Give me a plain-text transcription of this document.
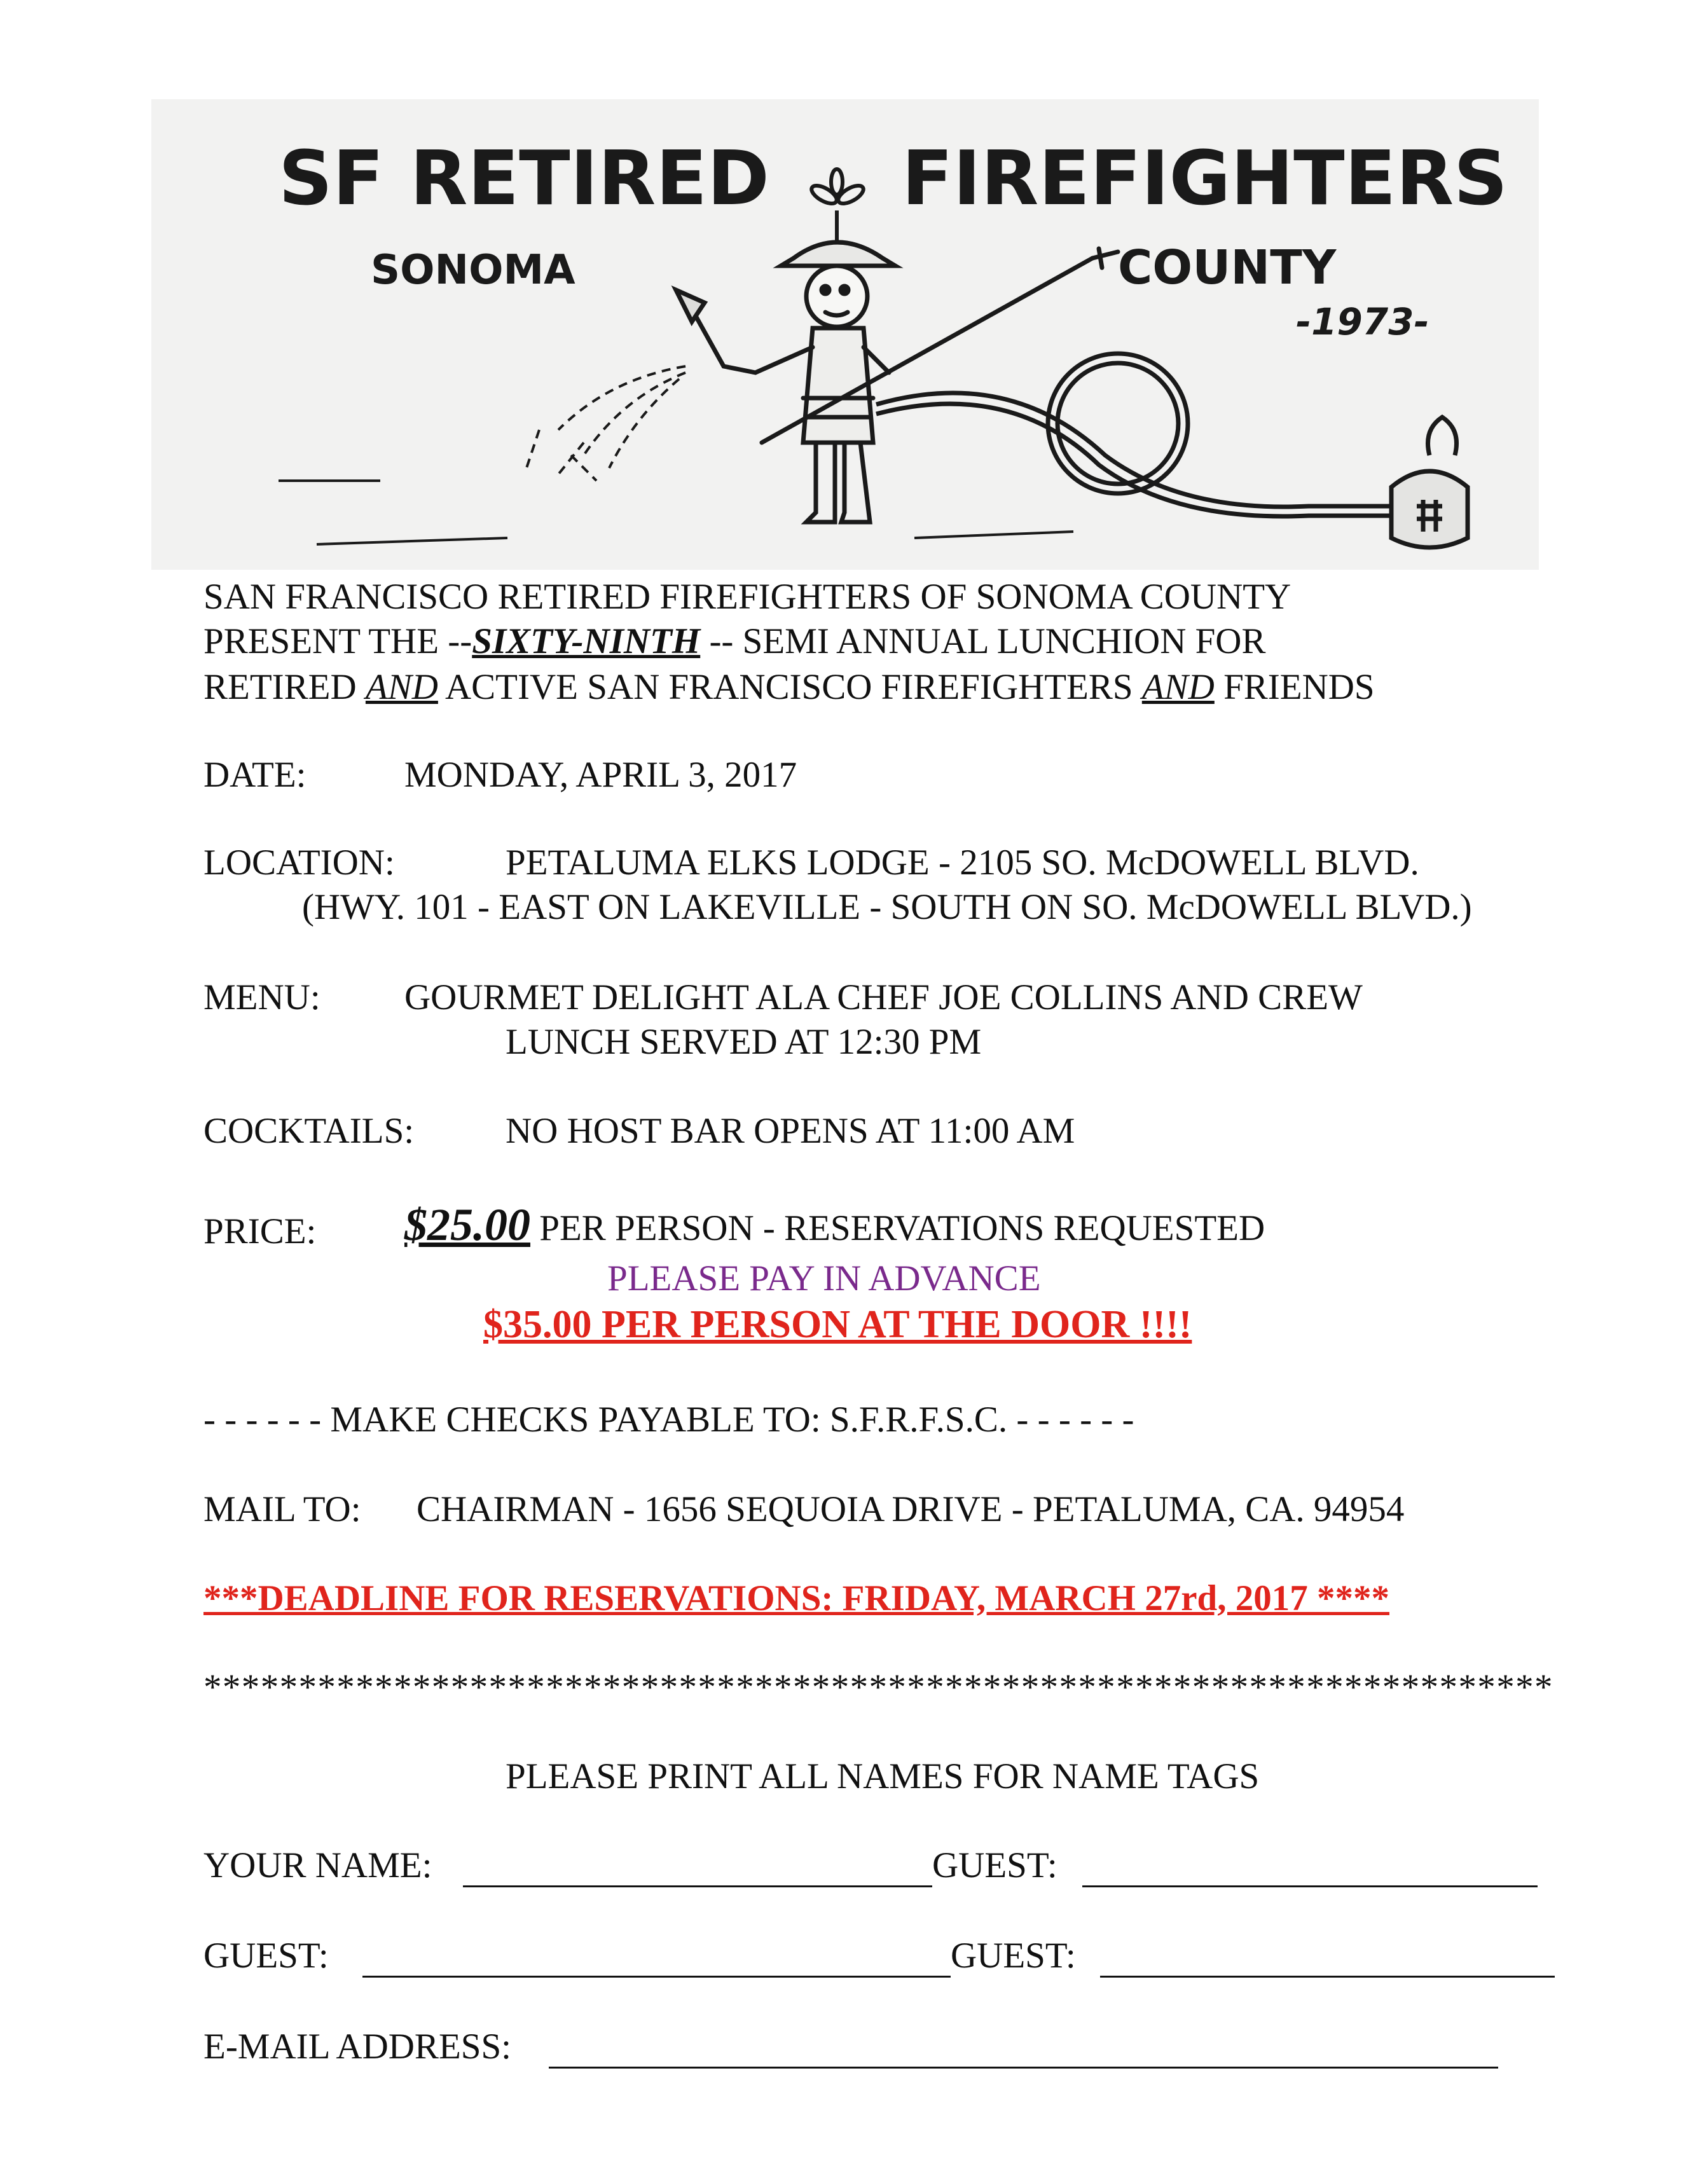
SF RETIRED FIREFIGHTERS
SONOMA	COUNTY
-1973-
SAN FRANCISCO RETIRED FIREFIGHTERS OF SONOMA COUNTY
PRESENT THE --SIXTY-NINTH -- SEMI ANNUAL LUNCHION FOR
RETIRED AND ACTIVE SAN FRANCISCO FIREFIGHTERS AND FRIENDS
DATE:	MONDAY, APRIL 3, 2017
LOCATION:	PETALUMA ELKS LODGE - 2105 SO. McDOWELL BLVD.
(HWY. 101 - EAST ON LAKEVILLE - SOUTH ON SO. McDOWELL BLVD.)
MENU: GOURMET DELIGHT ALA CHEF JOE COLLINS AND CREW
LUNCH SERVED AT 12:30 PM
COCKTAILS:	NO HOST BAR OPENS AT 11:00 AM
PRICE: $25.00 PER PERSON - RESERVATIONS REQUESTED
PLEASE PAY IN ADVANCE
$35.00 PER PERSON AT THE DOOR !!!!
- - - - - - MAKE CHECKS PAYABLE TO: S.F.R.F.S.C. - - - - - -
MAIL TO: CHAIRMAN - 1656 SEQUOIA DRIVE - PETALUMA, CA. 94954
***DEADLINE FOR RESERVATIONS: FRIDAY, MARCH 27rd, 2017 ****
***********************************************************************
PLEASE PRINT ALL NAMES FOR NAME TAGS
YOUR NAME:	GUEST:
GUEST:	GUEST:
E-MAIL ADDRESS:
